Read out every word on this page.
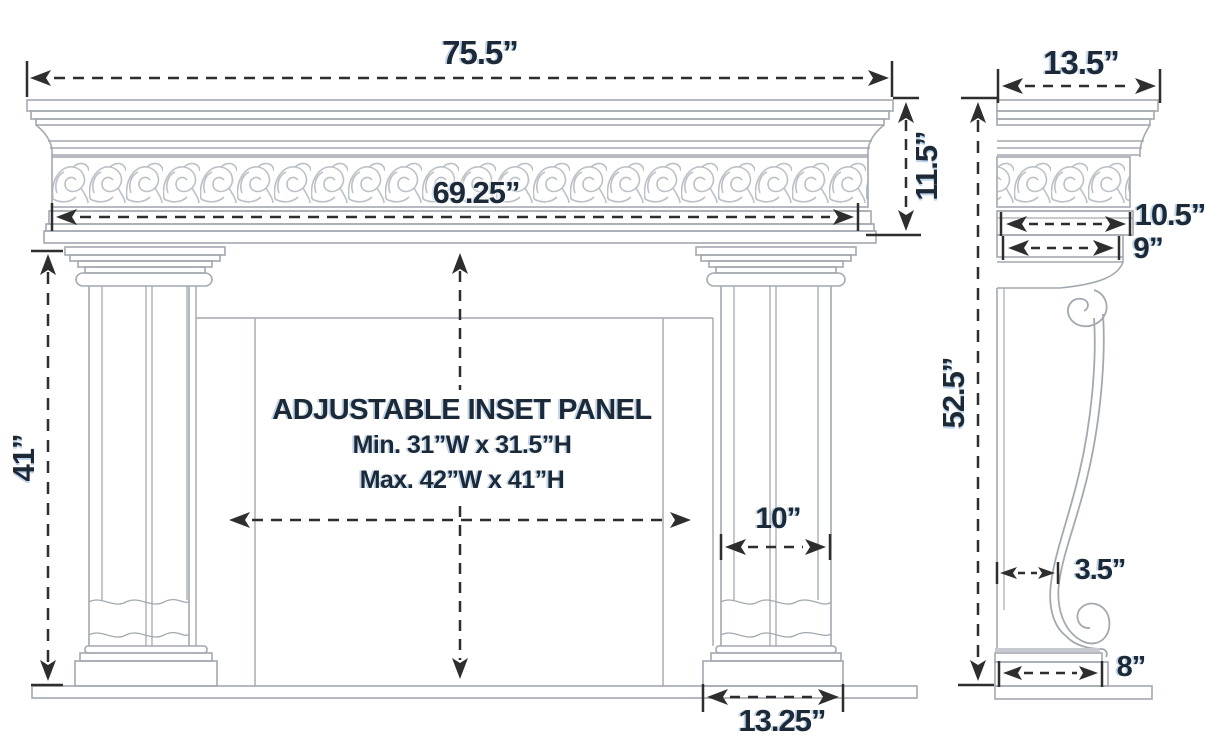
75.5”
69.25”	11.5”
41”
ADJUSTABLE INSET PANEL
Min. 31”W x 31.5”H
Max. 42”W x 41”H
10”
13.25”
13.5”
52.5”
10.5”
9”
3.5”
8”
